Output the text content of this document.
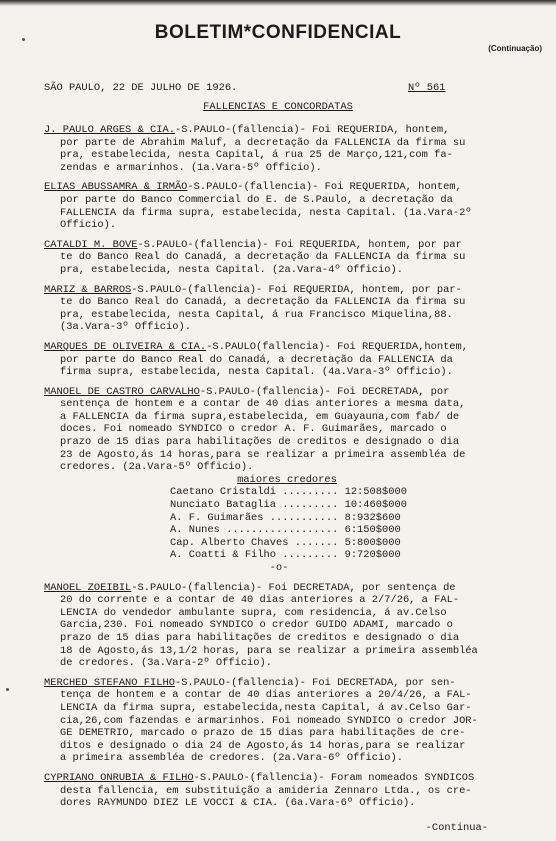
BOLETIM*CONFIDENCIAL
(Continuação)
SÃO PAULO, 22 DE JULHO DE 1926.	Nº 561
FALLENCIAS E CONCORDATAS
J. PAULO ARGES & CIA.-S.PAULO-(fallencia)- Foi REQUERIDA, hontem,
por parte de Abrahim Maluf, a decretação da FALLENCIA da firma su
pra, estabelecida, nesta Capital, á rua 25 de Março,121,com fa-
zendas e armarinhos. (1a.Vara-5º Officio).
ELIAS ABUSSAMRA & IRMÃO-S.PAULO-(fallencia)- Foi REQUERIDA, hontem,
por parte do Banco Commercial do E. de S.Paulo, a decretação da
FALLENCIA da firma supra, estabelecida, nesta Capital. (1a.Vara-2º
Officio).
CATALDI M. BOVE-S.PAULO-(fallencia)- Foi REQUERIDA, hontem, por par
te do Banco Real do Canadá, a decretação da FALLENCIA da firma su
pra, estabelecida, nesta Capital. (2a.Vara-4º Officio).
MARIZ & BARROS-S.PAULO-(fallencia)- Foi REQUERIDA, hontem, por par-
te do Banco Real do Canadá, a decretação da FALLENCIA da firma su
pra, estabelecida, nesta Capital, á rua Francisco Miquelina,88.
(3a.Vara-3º Officio).
MARQUES DE OLIVEIRA & CIA.-S.PAULO(fallencia)- Foi REQUERIDA,hontem,
por parte do Banco Real do Canadá, a decretação da FALLENCIA da
firma supra, estabelecida, nesta Capital. (4a.Vara-3º Officio).
MANOEL DE CASTRO CARVALHO-S.PAULO-(fallencia)- Foi DECRETADA, por
sentença de hontem e a contar de 40 dias anteriores a mesma data,
a FALLENCIA da firma supra,estabelecida, em Guayauna,com fab/ de
doces. Foi nomeado SYNDICO o credor A. F. Guimarães, marcado o
prazo de 15 dias para habilitações de creditos e designado o dia
23 de Agosto,ás 14 horas,para se realizar a primeira assembléa de
credores. (2a.Vara-5º Officio).
maiores credores
Caetano Cristaldi ......... 12:508$000
Nunciato Bataglia ......... 10:460$000
A. F. Guimarães ........... 8:932$600
A. Nunes .................. 6:150$000
Cap. Alberto Chaves ....... 5:800$000
A. Coatti & Filho ......... 9:720$000
-o-
MANOEL ZOEIBIL-S.PAULO-(fallencia)- Foi DECRETADA, por sentença de
20 do corrente e a contar de 40 dias anteriores a 2/7/26, a FAL-
LENCIA do vendedor ambulante supra, com residencia, á av.Celso
Garcia,230. Foi nomeado SYNDICO o credor GUIDO ADAMI, marcado o
prazo de 15 dias para habilitações de creditos e designado o dia
18 de Agosto,ás 13,1/2 horas, para se realizar a primeira assembléa
de credores. (3a.Vara-2º Officio).
MERCHED STEFANO FILHO-S.PAULO-(fallencia)- Foi DECRETADA, por sen-
tença de hontem e a contar de 40 dias anteriores a 20/4/26, a FAL-
LENCIA da firma supra, estabelecida,nesta Capital, á av.Celso Gar-
cia,26,com fazendas e armarinhos. Foi nomeado SYNDICO o credor JOR-
GE DEMETRIO, marcado o prazo de 15 dias para habilitações de cre-
ditos e designado o dia 24 de Agosto,ás 14 horas,para se realizar
a primeira assembléa de credores. (2a.Vara-6º Officio).
CYPRIANO ONRUBIA & FILHO-S.PAULO-(fallencia)- Foram nomeados SYNDICOS
desta fallencia, em substituição a amideria Zennaro Ltda., os cre-
dores RAYMUNDO DIEZ LE VOCCI & CIA. (6a.Vara-6º Officio).
-Continua-
